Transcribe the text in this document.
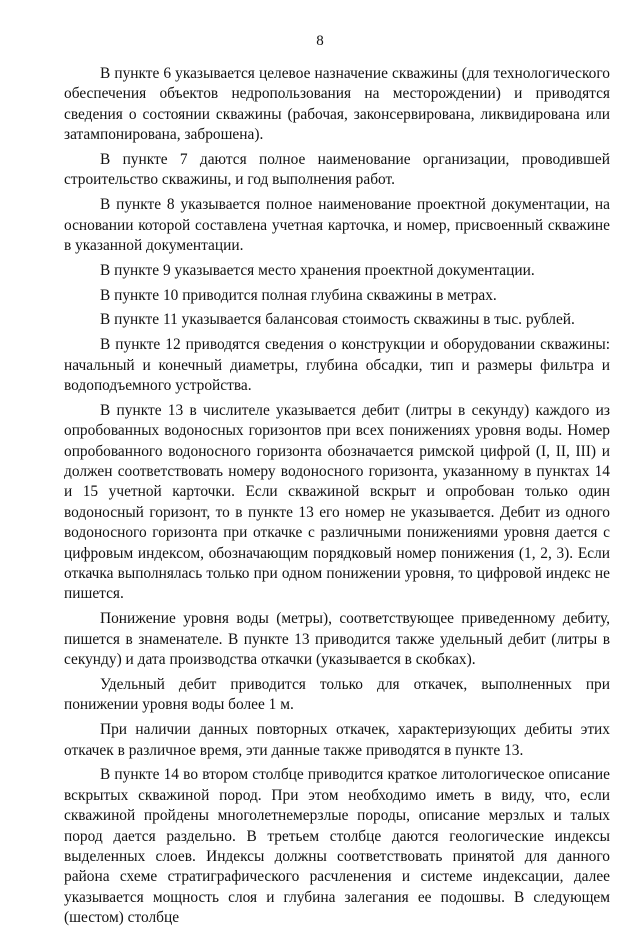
8

В пункте 6 указывается целевое назначение скважины (для технологического обеспечения объектов недропользования на месторождении) и приводятся сведения о состоянии скважины (рабочая, законсервирована, ликвидирована или затампонирована, заброшена).

В пункте 7 даются полное наименование организации, проводившей строительство скважины, и год выполнения работ.

В пункте 8 указывается полное наименование проектной документации, на основании которой составлена учетная карточка, и номер, присвоенный скважине в указанной документации.

В пункте 9 указывается место хранения проектной документации.

В пункте 10 приводится полная глубина скважины в метрах.

В пункте 11 указывается балансовая стоимость скважины в тыс. рублей.

В пункте 12 приводятся сведения о конструкции и оборудовании скважины: начальный и конечный диаметры, глубина обсадки, тип и размеры фильтра и водоподъемного устройства.

В пункте 13 в числителе указывается дебит (литры в секунду) каждого из опробованных водоносных горизонтов при всех понижениях уровня воды. Номер опробованного водоносного горизонта обозначается римской цифрой (I, II, III) и должен соответствовать номеру водоносного горизонта, указанному в пунктах 14 и 15 учетной карточки. Если скважиной вскрыт и опробован только один водоносный горизонт, то в пункте 13 его номер не указывается. Дебит из одного водоносного горизонта при откачке с различными понижениями уровня дается с цифровым индексом, обозначающим порядковый номер понижения (1, 2, 3). Если откачка выполнялась только при одном понижении уровня, то цифровой индекс не пишется.

Понижение уровня воды (метры), соответствующее приведенному дебиту, пишется в знаменателе. В пункте 13 приводится также удельный дебит (литры в секунду) и дата производства откачки (указывается в скобках).

Удельный дебит приводится только для откачек, выполненных при понижении уровня воды более 1 м.

При наличии данных повторных откачек, характеризующих дебиты этих откачек в различное время, эти данные также приводятся в пункте 13.

В пункте 14 во втором столбце приводится краткое литологическое описание вскрытых скважиной пород. При этом необходимо иметь в виду, что, если скважиной пройдены многолетнемерзлые породы, описание мерзлых и талых пород дается раздельно. В третьем столбце даются геологические индексы выделенных слоев. Индексы должны соответствовать принятой для данного района схеме стратиграфического расчленения и системе индексации, далее указывается мощность слоя и глубина залегания ее подошвы. В следующем (шестом) столбце
